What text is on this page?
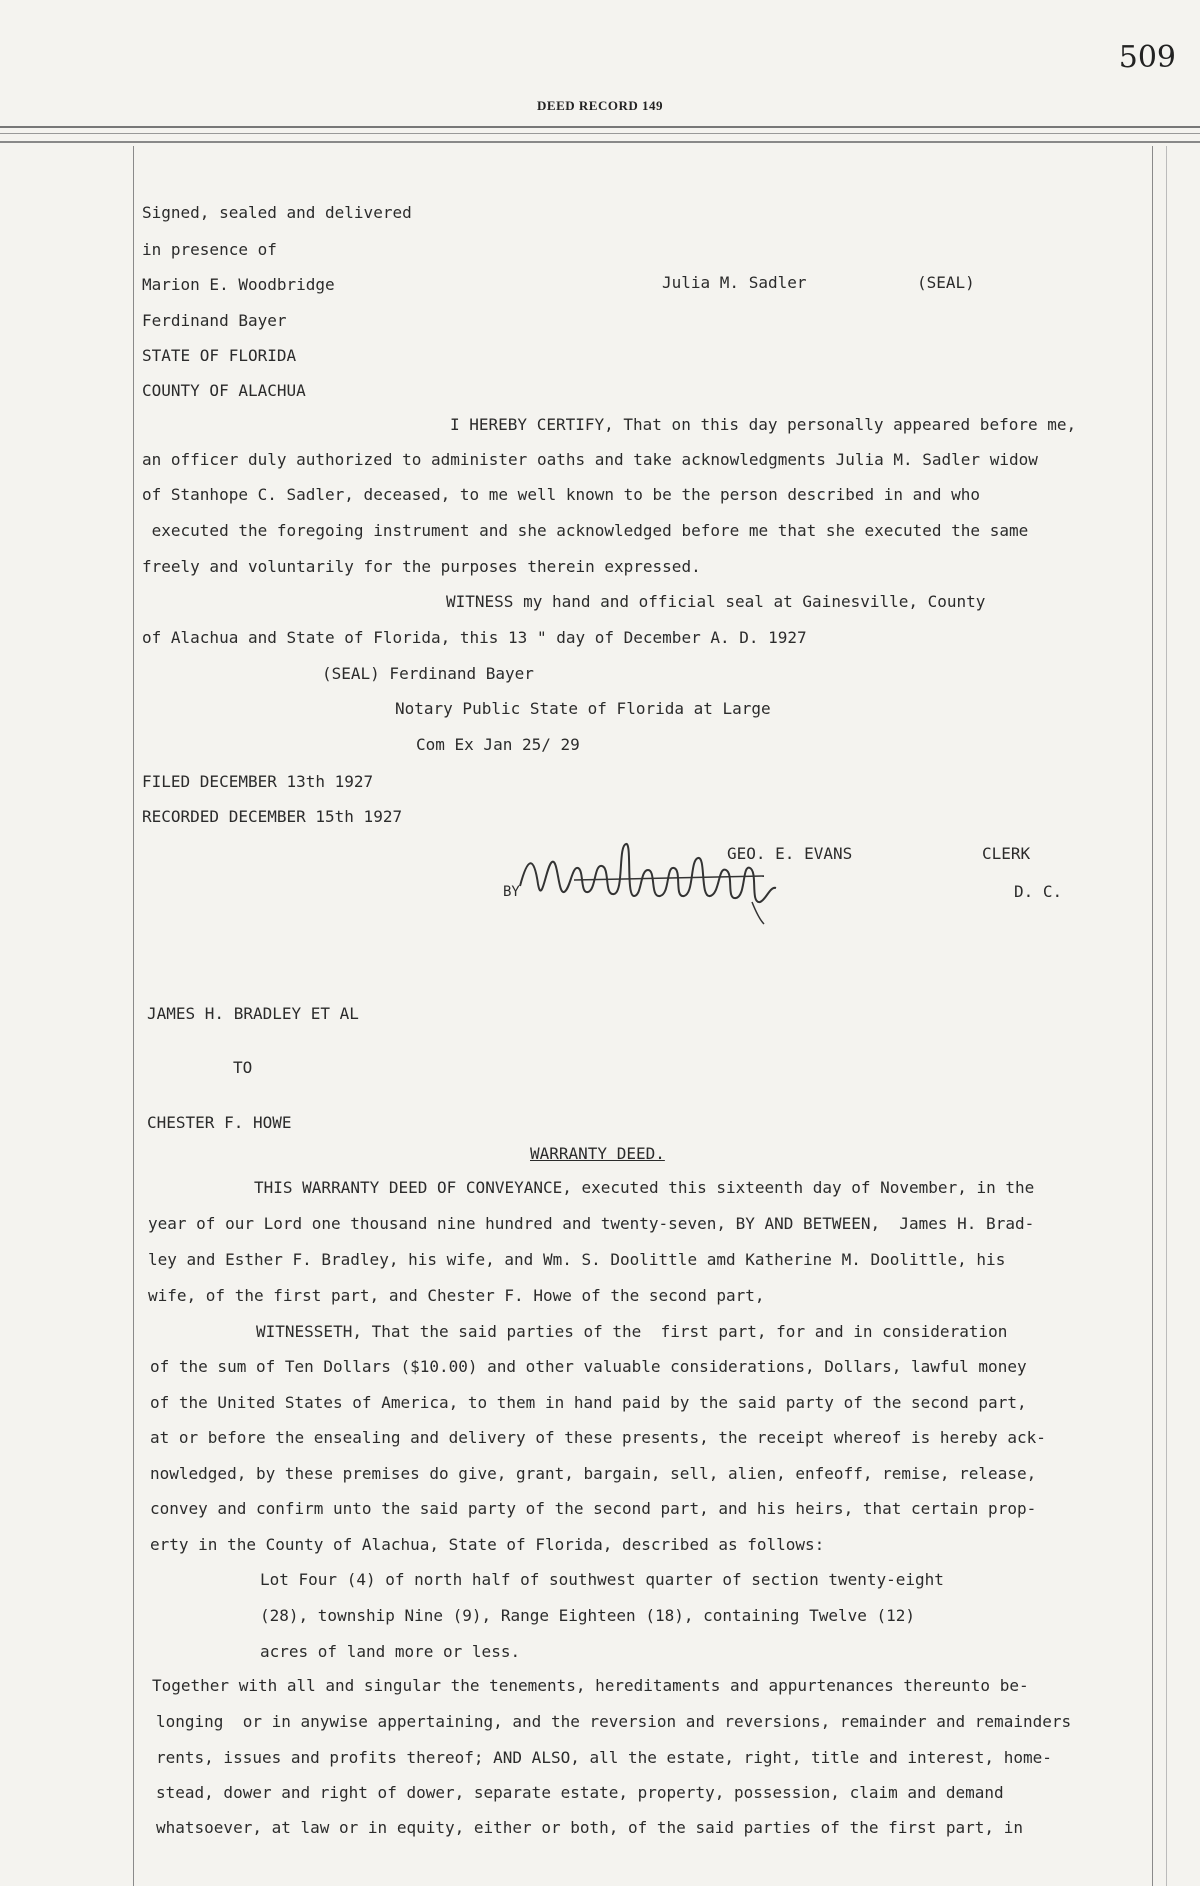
509
DEED RECORD 149
Signed, sealed and delivered
in presence of
Marion E. Woodbridge	Julia M. Sadler	(SEAL)
Ferdinand Bayer
STATE OF FLORIDA
COUNTY OF ALACHUA
I HEREBY CERTIFY, That on this day personally appeared before me,
an officer duly authorized to administer oaths and take acknowledgments Julia M. Sadler widow
of Stanhope C. Sadler, deceased, to me well known to be the person described in and who
executed the foregoing instrument and she acknowledged before me that she executed the same
freely and voluntarily for the purposes therein expressed.
WITNESS my hand and official seal at Gainesville, County
of Alachua and State of Florida, this 13 " day of December A. D. 1927
(SEAL) Ferdinand Bayer
Notary Public State of Florida at Large
Com Ex Jan 25/ 29
FILED DECEMBER 13th 1927
RECORDED DECEMBER 15th 1927
GEO. E. EVANS	CLERK
BY	D. C.
JAMES H. BRADLEY ET AL
TO
CHESTER F. HOWE
WARRANTY DEED.
THIS WARRANTY DEED OF CONVEYANCE, executed this sixteenth day of November, in the
year of our Lord one thousand nine hundred and twenty-seven, BY AND BETWEEN,  James H. Brad-
ley and Esther F. Bradley, his wife, and Wm. S. Doolittle amd Katherine M. Doolittle, his
wife, of the first part, and Chester F. Howe of the second part,
WITNESSETH, That the said parties of the  first part, for and in consideration
of the sum of Ten Dollars ($10.00) and other valuable considerations, Dollars, lawful money
of the United States of America, to them in hand paid by the said party of the second part,
at or before the ensealing and delivery of these presents, the receipt whereof is hereby ack-
nowledged, by these premises do give, grant, bargain, sell, alien, enfeoff, remise, release,
convey and confirm unto the said party of the second part, and his heirs, that certain prop-
erty in the County of Alachua, State of Florida, described as follows:
Lot Four (4) of north half of southwest quarter of section twenty-eight
(28), township Nine (9), Range Eighteen (18), containing Twelve (12)
acres of land more or less.
Together with all and singular the tenements, hereditaments and appurtenances thereunto be-
longing  or in anywise appertaining, and the reversion and reversions, remainder and remainders
rents, issues and profits thereof; AND ALSO, all the estate, right, title and interest, home-
stead, dower and right of dower, separate estate, property, possession, claim and demand
whatsoever, at law or in equity, either or both, of the said parties of the first part, in
